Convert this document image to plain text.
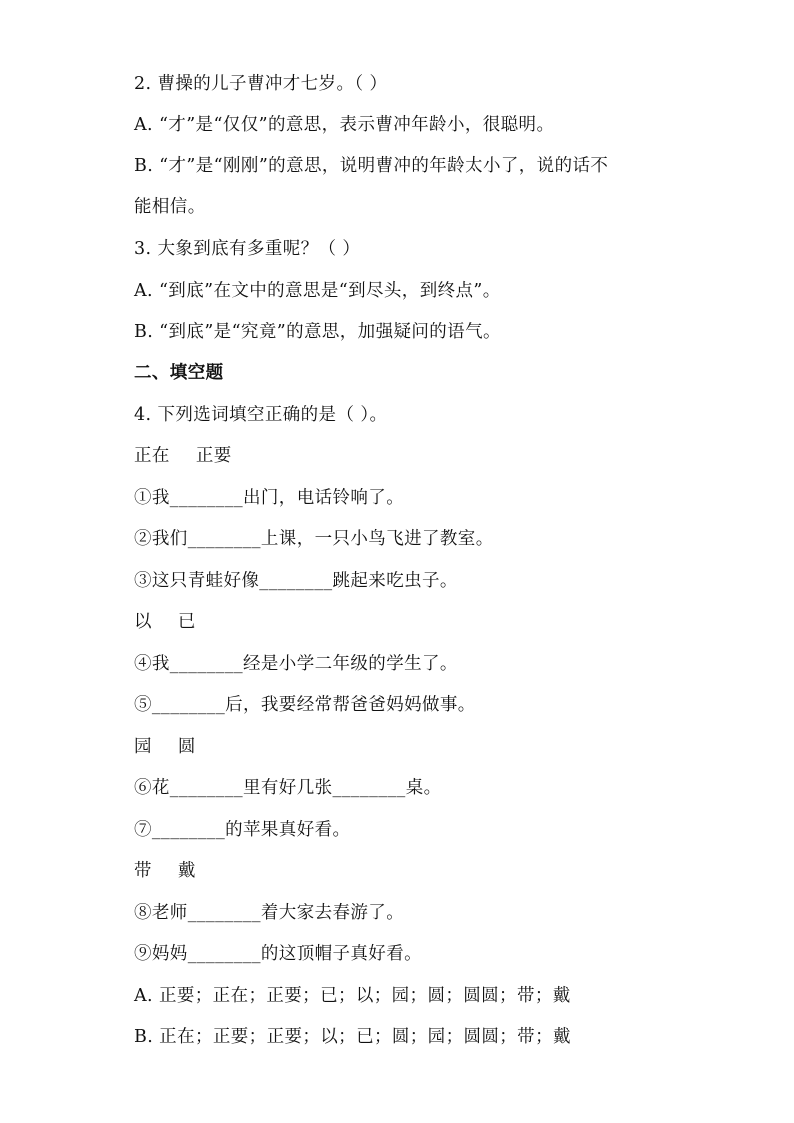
2. 曹操的儿子曹冲才七岁。（ ）
A. “才”是“仅仅”的意思，表示曹冲年龄小，很聪明。
B. “才”是“刚刚”的意思，说明曹冲的年龄太小了，说的话不
能相信。
3. 大象到底有多重呢？（ ）
A. “到底”在文中的意思是“到尽头，到终点”。
B. “到底”是“究竟”的意思，加强疑问的语气。
二、填空题
4. 下列选词填空正确的是（ ）。
正在 正要
①我________出门，电话铃响了。
②我们________上课，一只小鸟飞进了教室。
③这只青蛙好像________跳起来吃虫子。
以 已
④我________经是小学二年级的学生了。
⑤________后，我要经常帮爸爸妈妈做事。
园 圆
⑥花________里有好几张________桌。
⑦________的苹果真好看。
带 戴
⑧老师________着大家去春游了。
⑨妈妈________的这顶帽子真好看。
A. 正要；正在；正要；已；以；园；圆；圆圆；带；戴
B. 正在；正要；正要；以；已；圆；园；圆圆；带；戴
